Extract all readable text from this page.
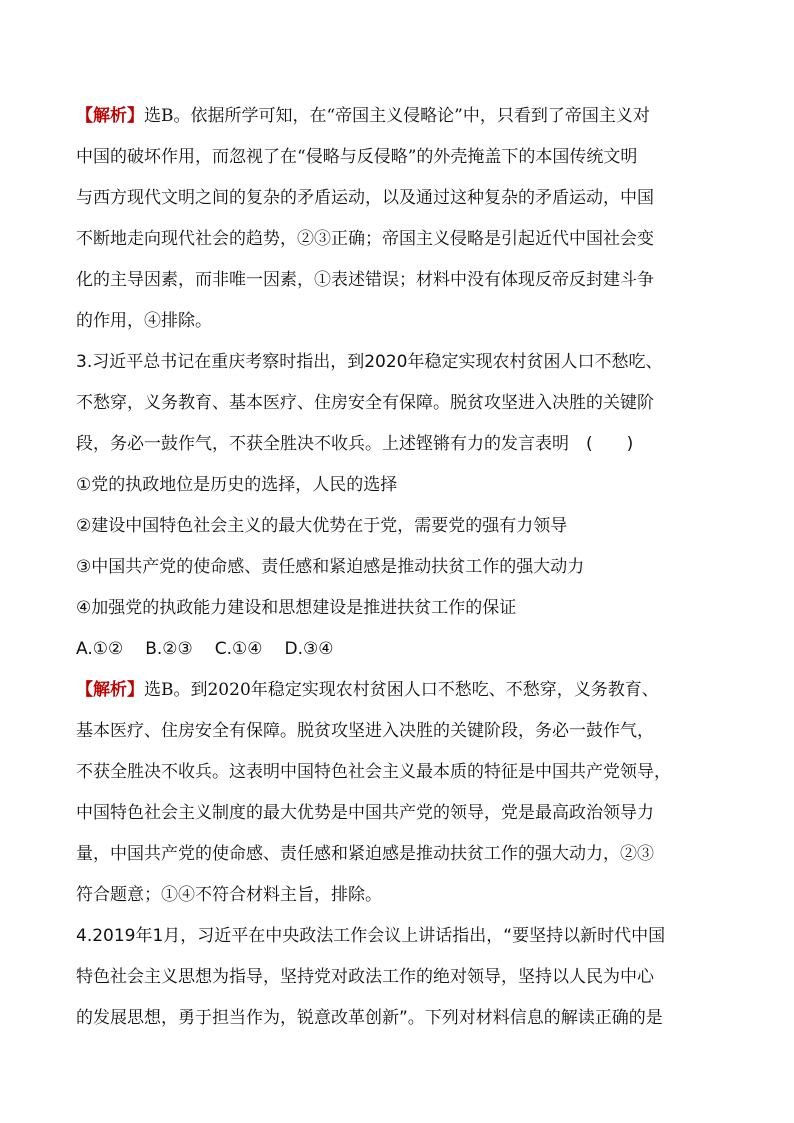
【解析】选B。依据所学可知，在“帝国主义侵略论”中，只看到了帝国主义对
中国的破坏作用，而忽视了在“侵略与反侵略”的外壳掩盖下的本国传统文明
与西方现代文明之间的复杂的矛盾运动，以及通过这种复杂的矛盾运动，中国
不断地走向现代社会的趋势，②③正确；帝国主义侵略是引起近代中国社会变
化的主导因素，而非唯一因素，①表述错误；材料中没有体现反帝反封建斗争
的作用，④排除。
3.习近平总书记在重庆考察时指出，到2020年稳定实现农村贫困人口不愁吃、
不愁穿，义务教育、基本医疗、住房安全有保障。脱贫攻坚进入决胜的关键阶
段，务必一鼓作气，不获全胜决不收兵。上述铿锵有力的发言表明　(　　)
①党的执政地位是历史的选择，人民的选择
②建设中国特色社会主义的最大优势在于党，需要党的强有力领导
③中国共产党的使命感、责任感和紧迫感是推动扶贫工作的强大动力
④加强党的执政能力建设和思想建设是推进扶贫工作的保证
A.①② B.②③ C.①④ D.③④
【解析】选B。到2020年稳定实现农村贫困人口不愁吃、不愁穿，义务教育、
基本医疗、住房安全有保障。脱贫攻坚进入决胜的关键阶段，务必一鼓作气，
不获全胜决不收兵。这表明中国特色社会主义最本质的特征是中国共产党领导，
中国特色社会主义制度的最大优势是中国共产党的领导，党是最高政治领导力
量，中国共产党的使命感、责任感和紧迫感是推动扶贫工作的强大动力，②③
符合题意；①④不符合材料主旨，排除。
4.2019年1月，习近平在中央政法工作会议上讲话指出，“要坚持以新时代中国
特色社会主义思想为指导，坚持党对政法工作的绝对领导，坚持以人民为中心
的发展思想，勇于担当作为，锐意改革创新”。下列对材料信息的解读正确的是
